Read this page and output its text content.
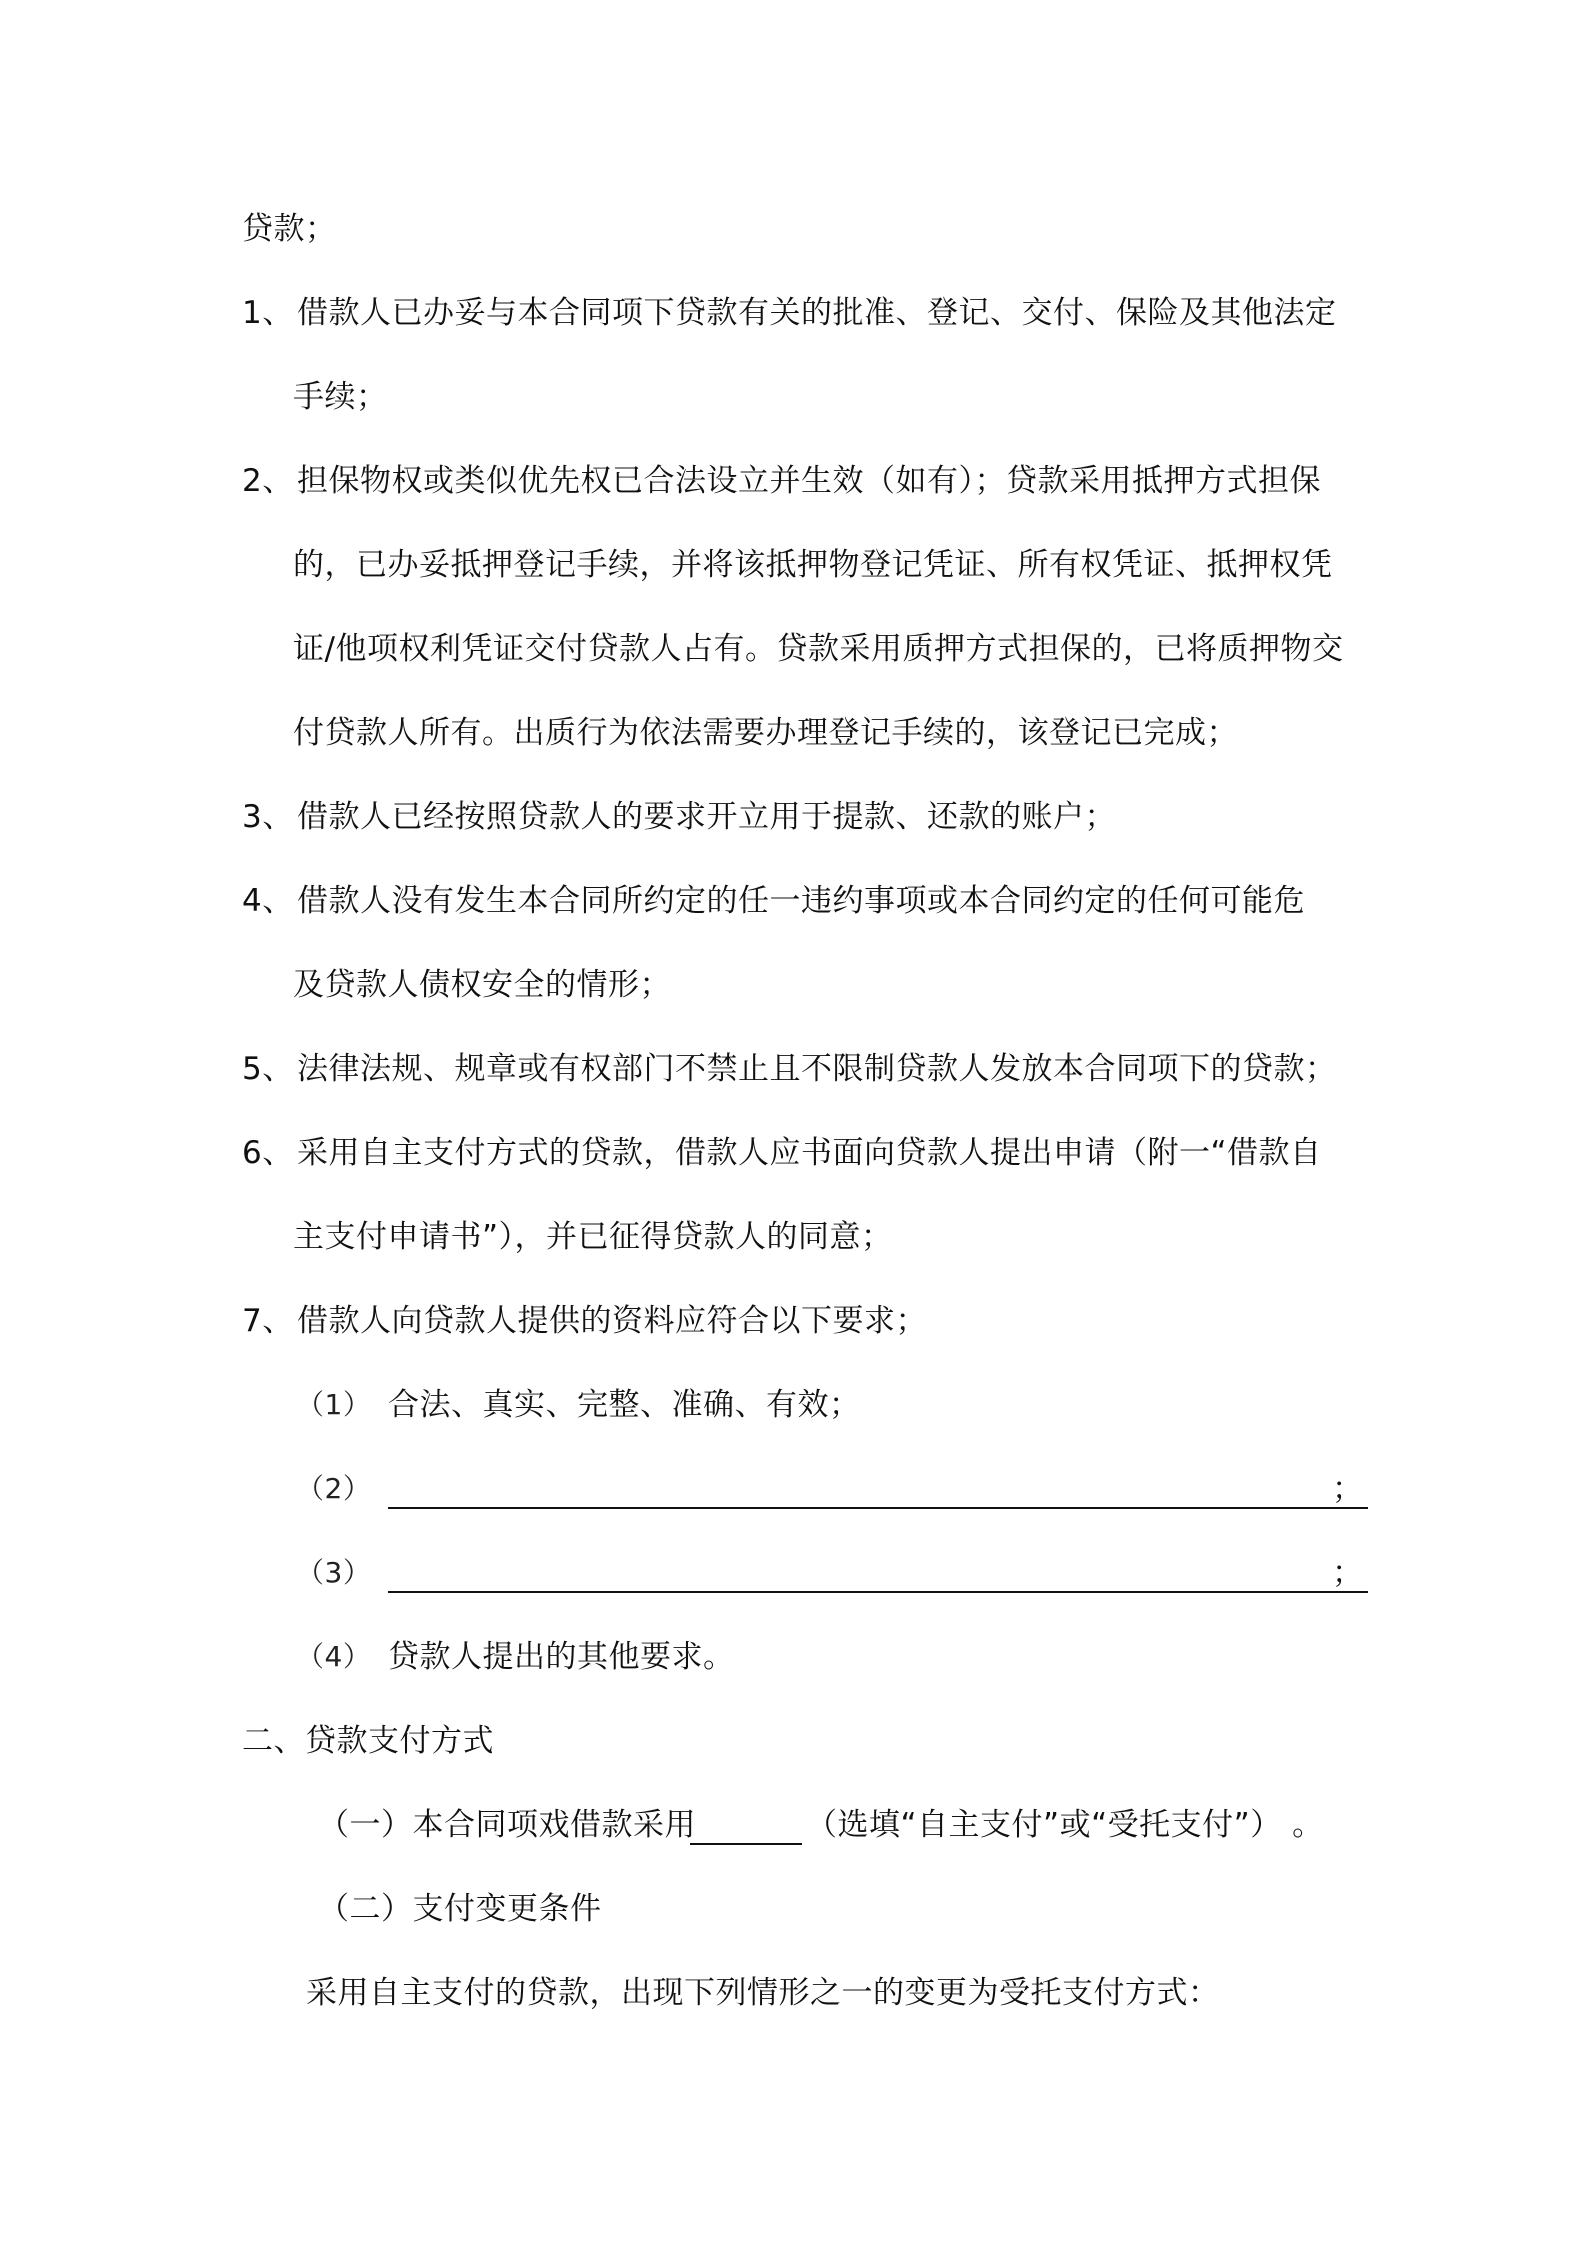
贷款；
1、 借款人已办妥与本合同项下贷款有关的批准、登记、交付、保险及其他法定
手续；
2、 担保物权或类似优先权已合法设立并生效（如有）；贷款采用抵押方式担保
的，已办妥抵押登记手续，并将该抵押物登记凭证、所有权凭证、抵押权凭
证/他项权利凭证交付贷款人占有。贷款采用质押方式担保的，已将质押物交
付贷款人所有。出质行为依法需要办理登记手续的，该登记已完成；
3、 借款人已经按照贷款人的要求开立用于提款、还款的账户；
4、 借款人没有发生本合同所约定的任一违约事项或本合同约定的任何可能危
及贷款人债权安全的情形；
5、 法律法规、规章或有权部门不禁止且不限制贷款人发放本合同项下的贷款；
6、 采用自主支付方式的贷款，借款人应书面向贷款人提出申请（附一“借款自
主支付申请书”），并已征得贷款人的同意；
7、 借款人向贷款人提供的资料应符合以下要求；
（1） 合法、真实、完整、准确、有效；
（2）	；
（3）	；
（4） 贷款人提出的其他要求。
二、贷款支付方式
（一）本合同项戏借款采用	（选填“自主支付”或“受托支付”） 。
（二）支付变更条件
采用自主支付的贷款，出现下列情形之一的变更为受托支付方式：
